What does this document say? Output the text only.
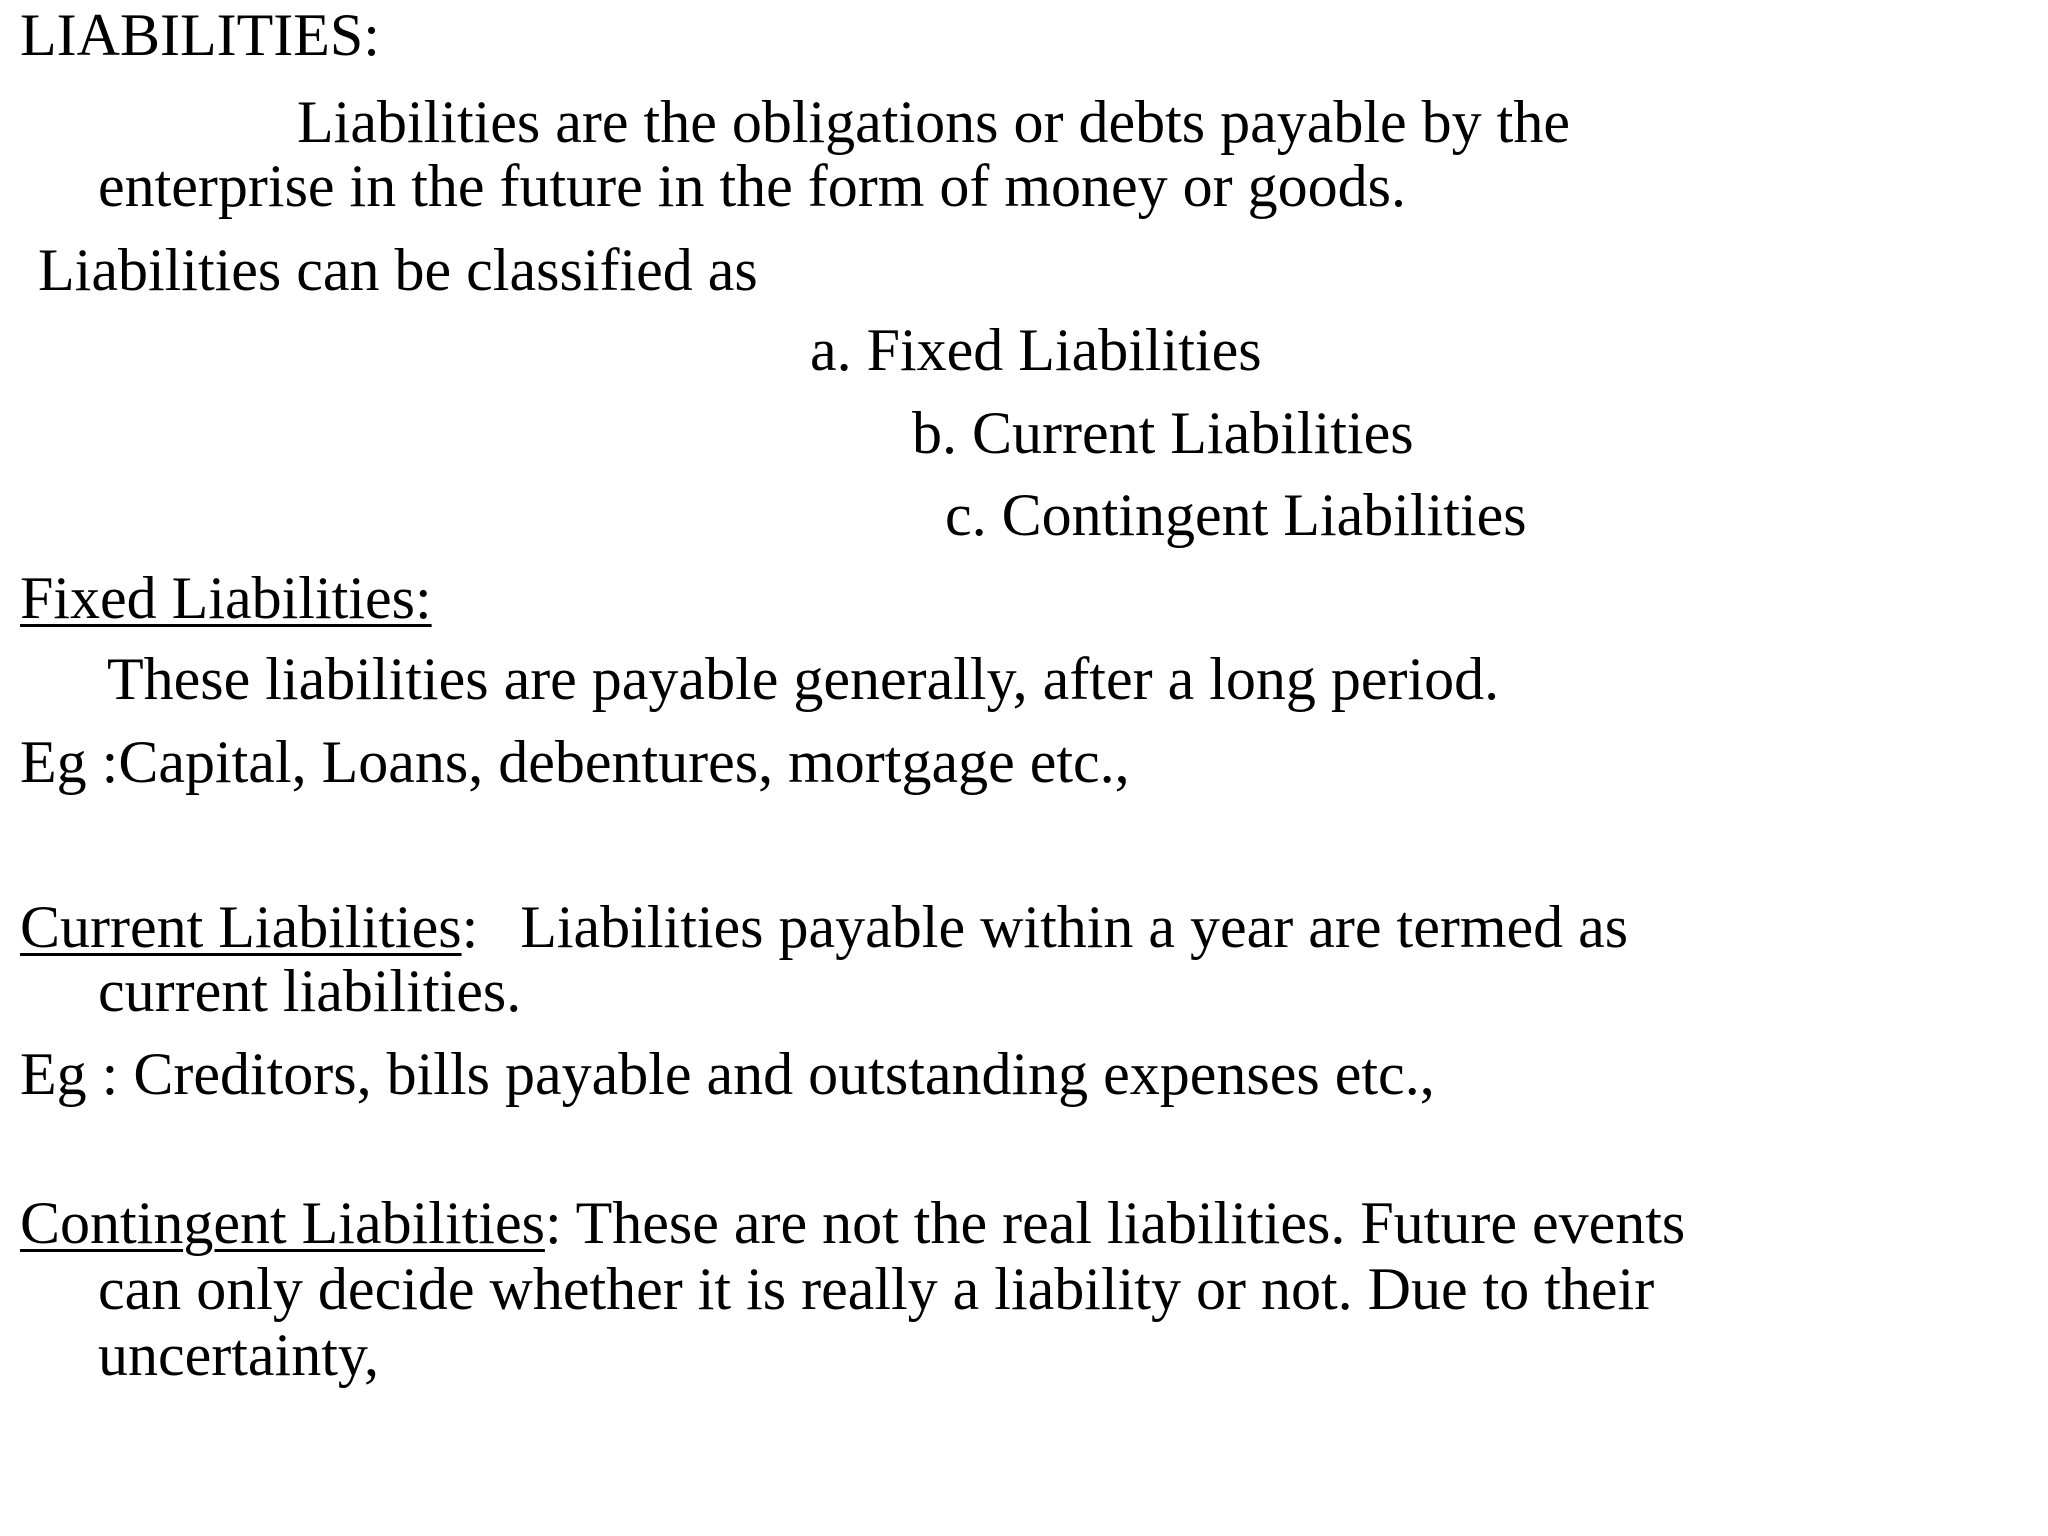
LIABILITIES:

Liabilities are the obligations or debts payable by the

enterprise in the future in the form of money or goods.

Liabilities can be classified as

a. Fixed Liabilities

b. Current Liabilities

c. Contingent Liabilities

Fixed Liabilities:

These liabilities are payable generally, after a long period.

Eg :Capital, Loans, debentures, mortgage etc.,

Current Liabilities: Liabilities payable within a year are termed as

current liabilities.

Eg : Creditors, bills payable and outstanding expenses etc.,

Contingent Liabilities: These are not the real liabilities. Future events

can only decide whether it is really a liability or not. Due to their

uncertainty,
